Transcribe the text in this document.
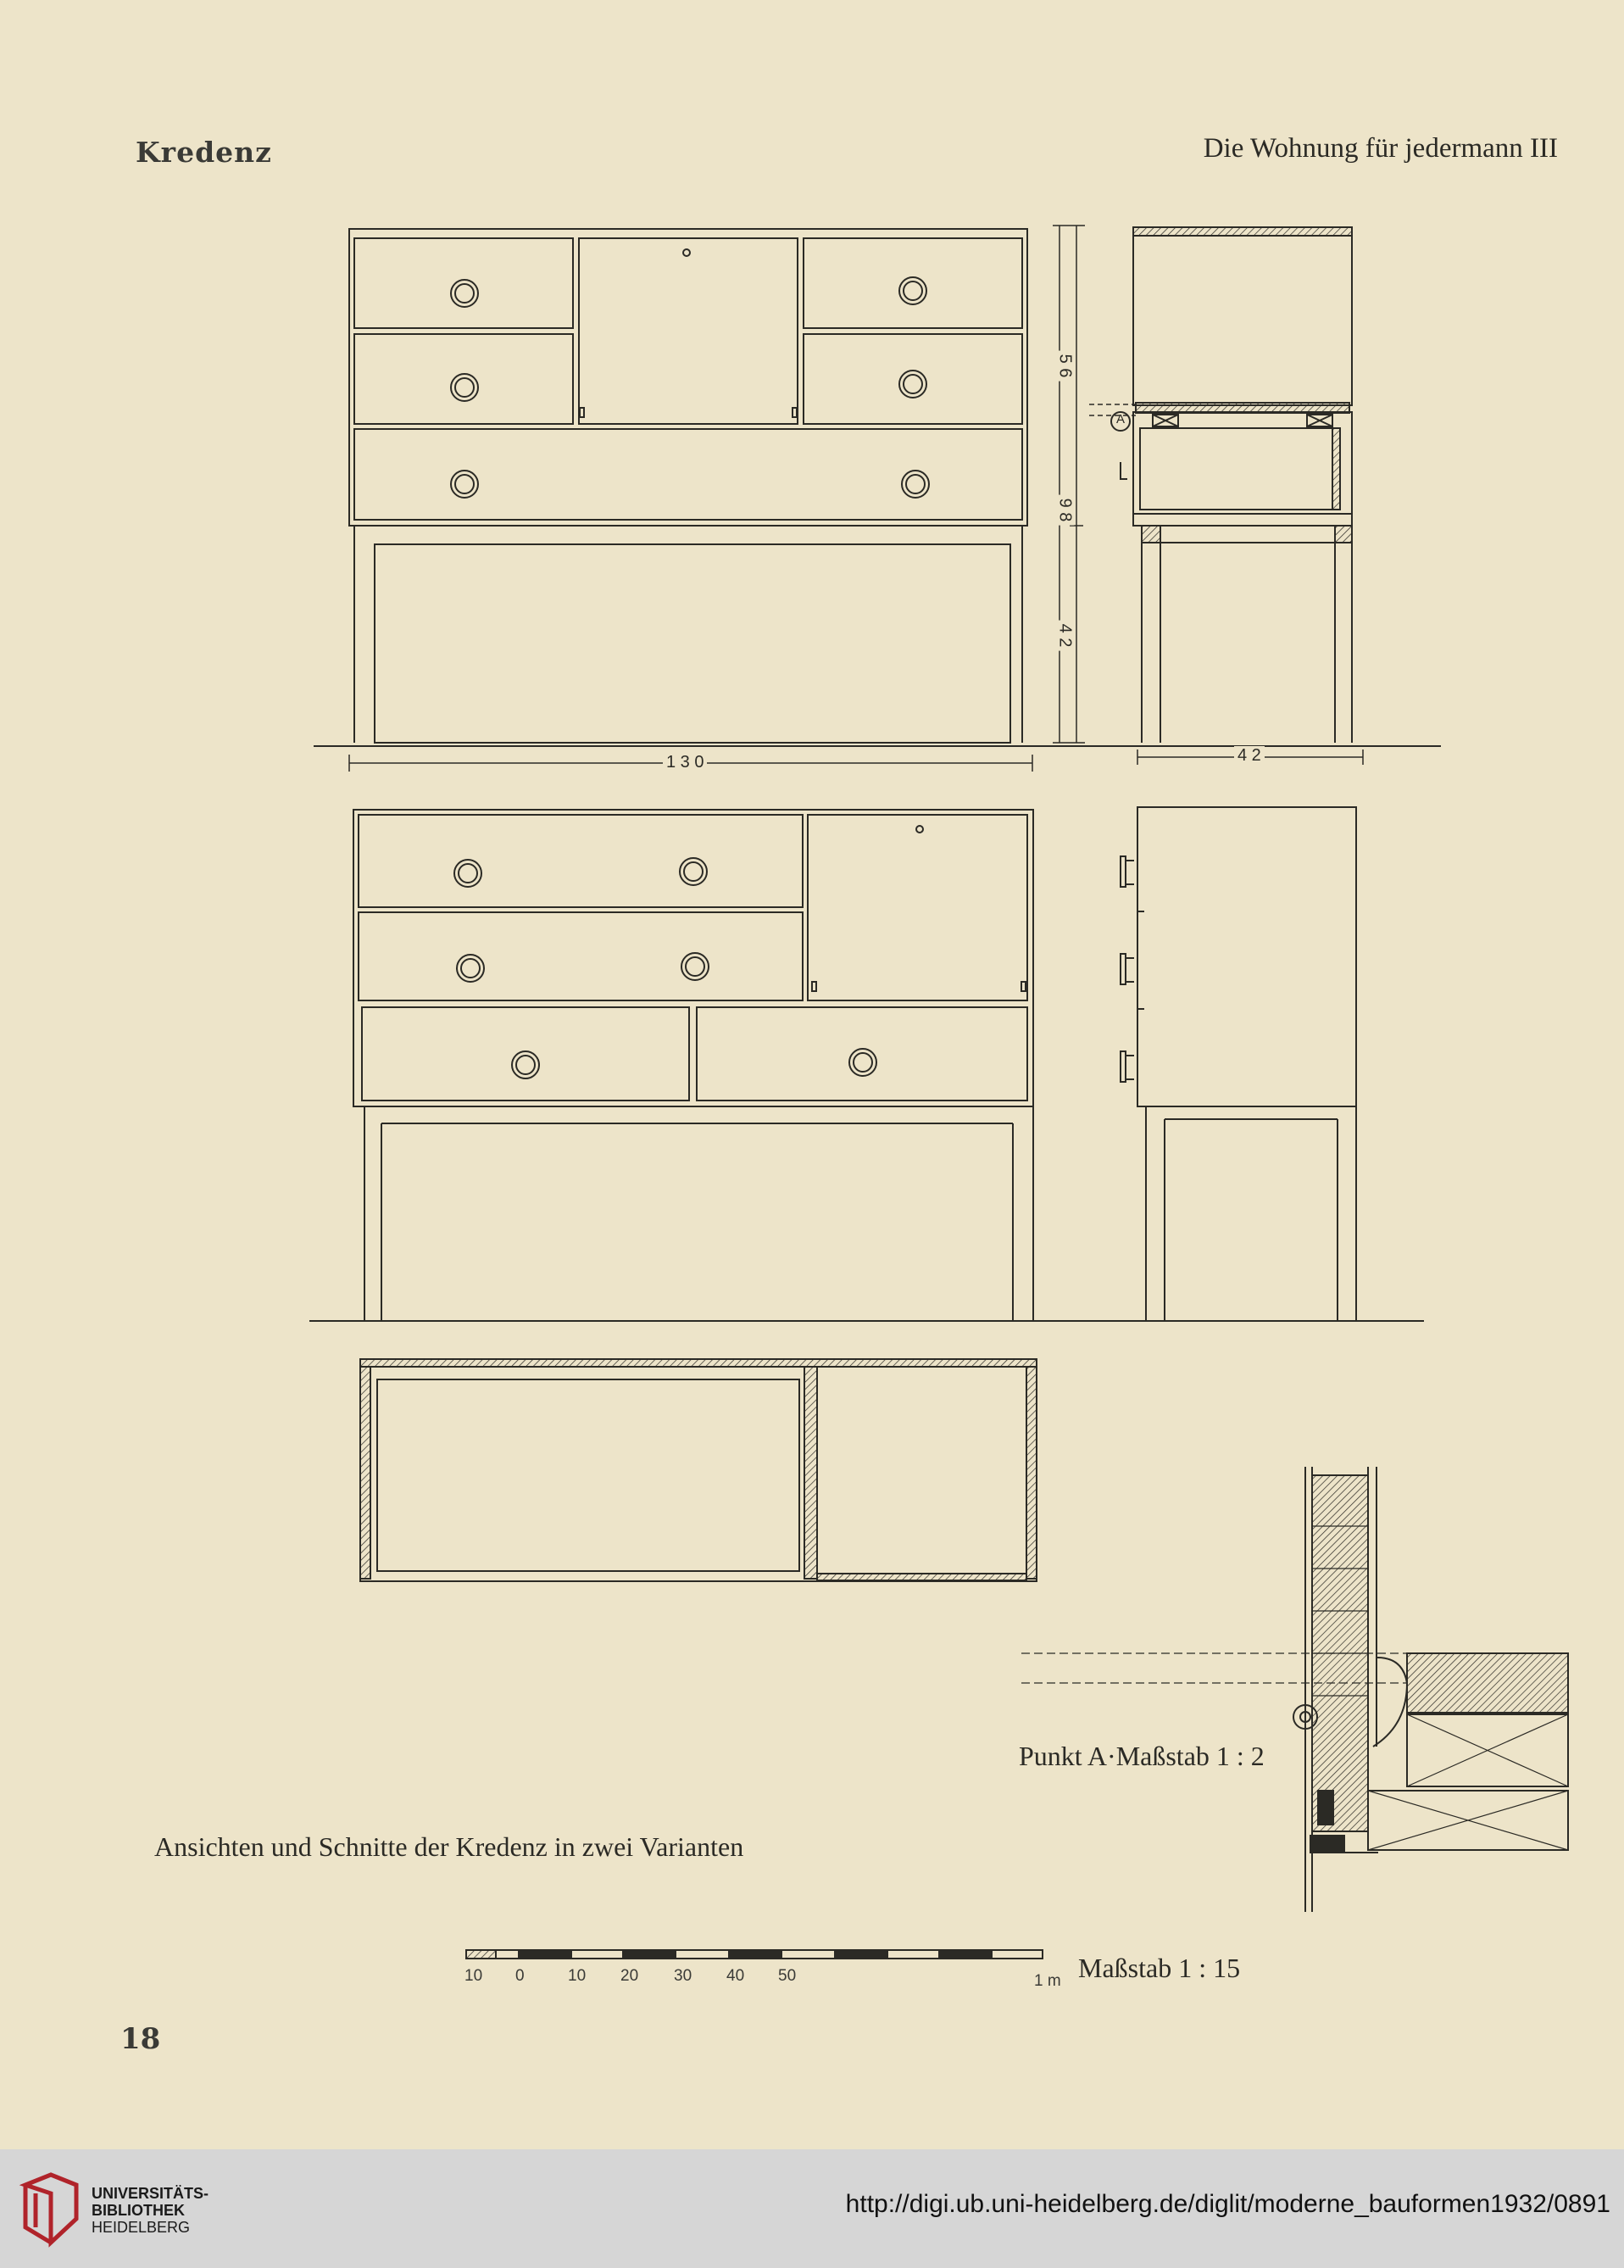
Kredenz	Die Wohnung für jedermann III
5 6
9 8
4 2
1 3 0	4 2
A
Punkt A·Maßstab 1 : 2
Ansichten und Schnitte der Kredenz in zwei Varianten
10 0	10 20 30 40 50	1 m Maßstab 1 : 15
18
UNIVERSITÄTS-
BIBLIOTHEK
HEIDELBERG
http://digi.ub.uni-heidelberg.de/diglit/moderne_bauformen1932/0891
